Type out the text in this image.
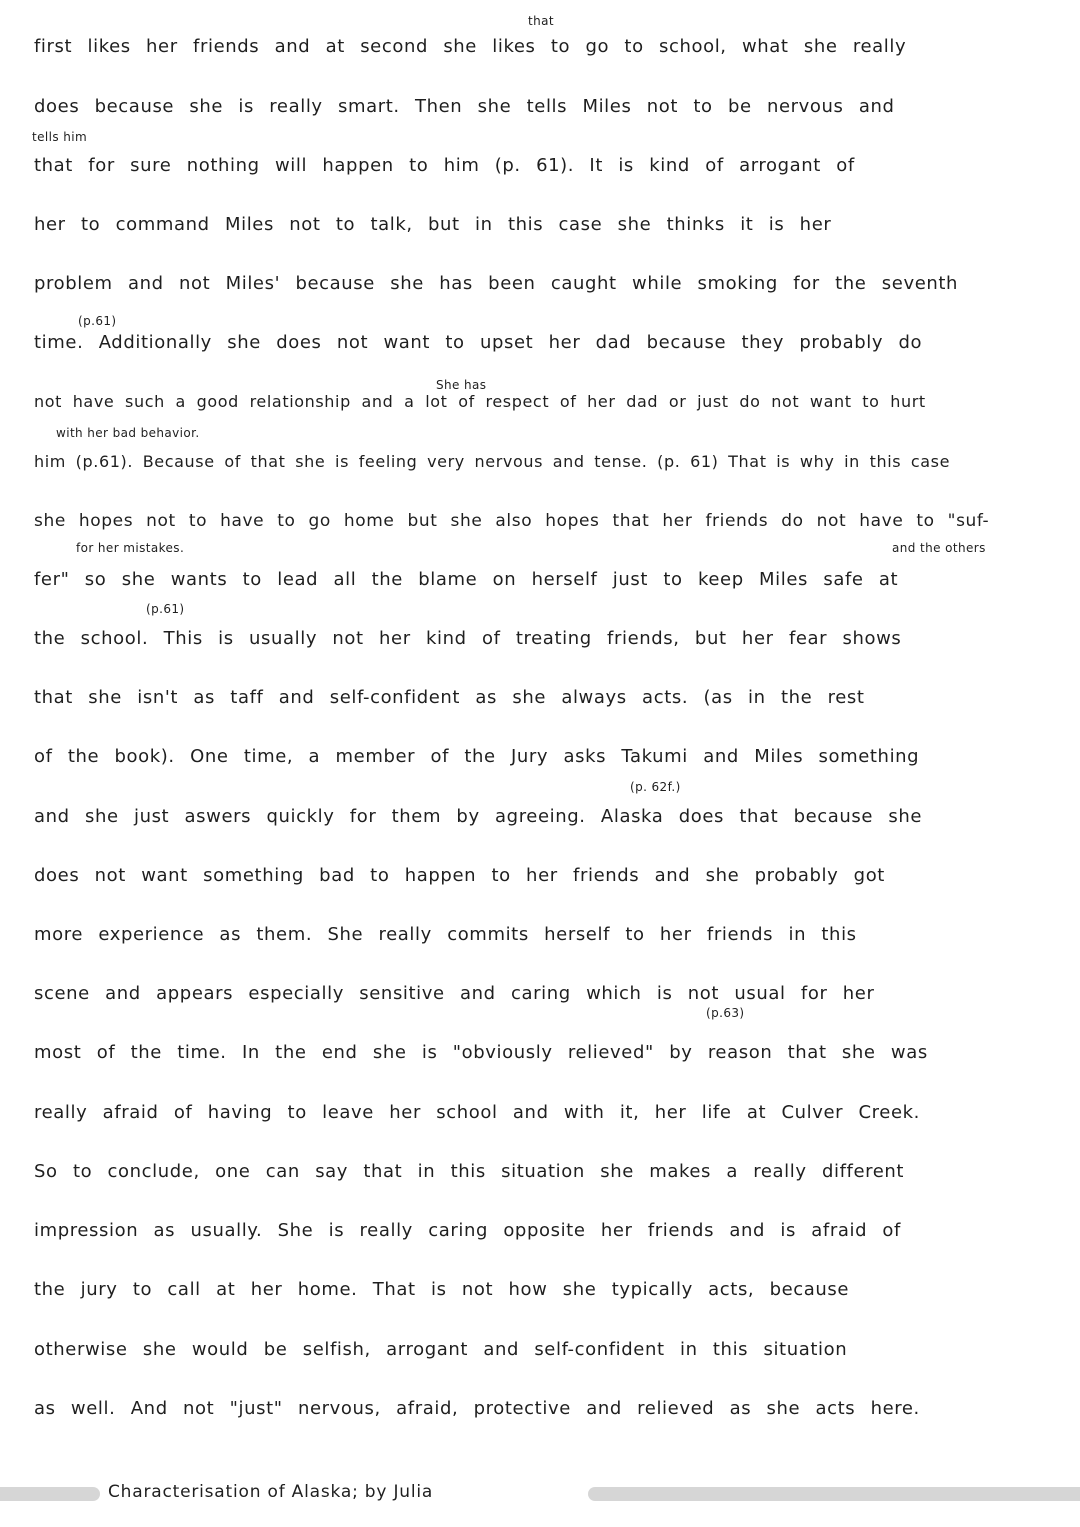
first likes her friends and at second she likes to go to school, what she really
does because she is really smart. Then she tells Miles not to be nervous and
that for sure nothing will happen to him (p. 61). It is kind of arrogant of
her to command Miles not to talk, but in this case she thinks it is her
problem and not Miles' because she has been caught while smoking for the seventh
time. Additionally she does not want to upset her dad because they probably do
not have such a good relationship and a lot of respect of her dad or just do not want to hurt
him (p.61). Because of that she is feeling very nervous and tense. (p. 61) That is why in this case
she hopes not to have to go home but she also hopes that her friends do not have to "suf-
fer" so she wants to lead all the blame on herself just to keep Miles safe at
the school. This is usually not her kind of treating friends, but her fear shows
that she isn't as taff and self-confident as she always acts. (as in the rest
of the book). One time, a member of the Jury asks Takumi and Miles something
and she just aswers quickly for them by agreeing. Alaska does that because she
does not want something bad to happen to her friends and she probably got
more experience as them. She really commits herself to her friends in this
scene and appears especially sensitive and caring which is not usual for her
most of the time. In the end she is "obviously relieved" by reason that she was
really afraid of having to leave her school and with it, her life at Culver Creek.
So to conclude, one can say that in this situation she makes a really different
impression as usually. She is really caring opposite her friends and is afraid of
the jury to call at her home. That is not how she typically acts, because
otherwise she would be selfish, arrogant and self-confident in this situation
as well. And not "just" nervous, afraid, protective and relieved as she acts here.
that
tells him
(p.61)
She has
with her bad behavior.
for her mistakes.	and the others
(p.61)
(p. 62f.)
(p.63)
Characterisation of Alaska; by Julia
